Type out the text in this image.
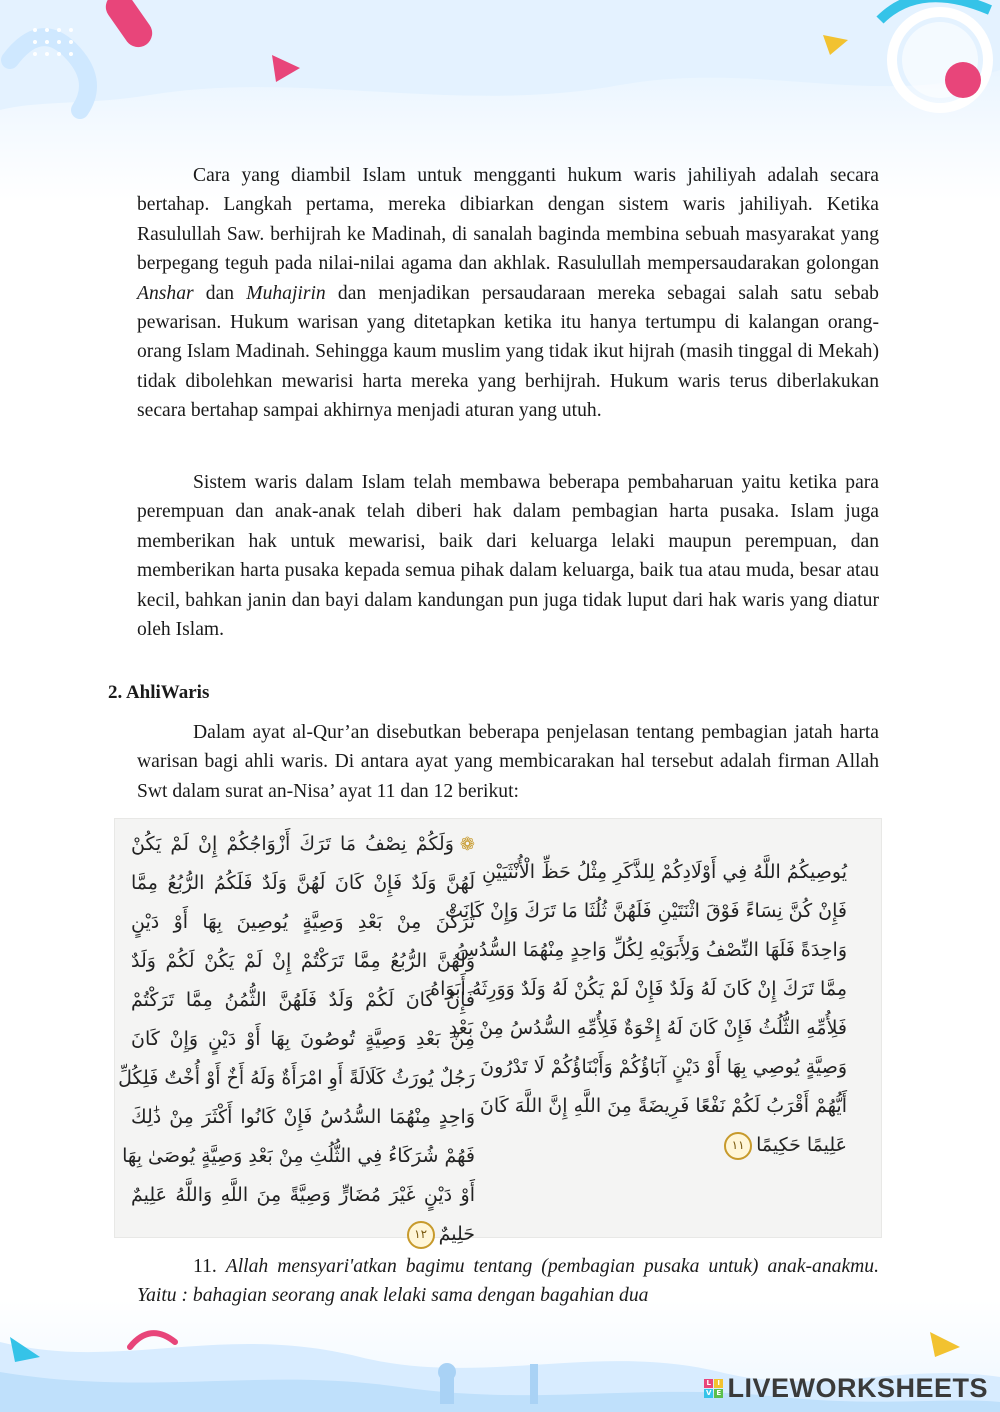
Cara yang diambil Islam untuk mengganti hukum waris jahiliyah adalah secara bertahap. Langkah pertama, mereka dibiarkan dengan sistem waris jahiliyah. Ketika Rasulullah Saw. berhijrah ke Madinah, di sanalah baginda membina sebuah masyarakat yang berpegang teguh pada nilai-nilai agama dan akhlak. Rasulullah mempersaudarakan golongan Anshar dan Muhajirin dan menjadikan persaudaraan mereka sebagai salah satu sebab pewarisan. Hukum warisan yang ditetapkan ketika itu hanya tertumpu di kalangan orang-orang Islam Madinah. Sehingga kaum muslim yang tidak ikut hijrah (masih tinggal di Mekah) tidak dibolehkan mewarisi harta mereka yang berhijrah. Hukum waris terus diberlakukan secara bertahap sampai akhirnya menjadi aturan yang utuh.

Sistem waris dalam Islam telah membawa beberapa pembaharuan yaitu ketika para perempuan dan anak-anak telah diberi hak dalam pembagian harta pusaka. Islam juga memberikan hak untuk mewarisi, baik dari keluarga lelaki maupun perempuan, dan memberikan harta pusaka kepada semua pihak dalam keluarga, baik tua atau muda, besar atau kecil, bahkan janin dan bayi dalam kandungan pun juga tidak luput dari hak waris yang diatur oleh Islam.

2. AhliWaris

Dalam ayat al-Qur’an disebutkan beberapa penjelasan tentang pembagian jatah harta warisan bagi ahli waris. Di antara ayat yang membicarakan hal tersebut adalah firman Allah Swt dalam surat an-Nisa’ ayat 11 dan 12 berikut:

يُوصِيكُمُ اللَّهُ فِي أَوْلَادِكُمْ لِلذَّكَرِ مِثْلُ حَظِّ الْأُنْثَيَيْنِ
فَإِنْ كُنَّ نِسَاءً فَوْقَ اثْنَتَيْنِ فَلَهُنَّ ثُلُثَا مَا تَرَكَ وَإِنْ كَانَتْ
وَاحِدَةً فَلَهَا النِّصْفُ وَلِأَبَوَيْهِ لِكُلِّ وَاحِدٍ مِنْهُمَا السُّدُسُ
مِمَّا تَرَكَ إِنْ كَانَ لَهُ وَلَدٌ فَإِنْ لَمْ يَكُنْ لَهُ وَلَدٌ وَوَرِثَهُ أَبَوَاهُ
فَلِأُمِّهِ الثُّلُثُ فَإِنْ كَانَ لَهُ إِخْوَةٌ فَلِأُمِّهِ السُّدُسُ مِنْ بَعْدِ
وَصِيَّةٍ يُوصِي بِهَا أَوْ دَيْنٍ آبَاؤُكُمْ وَأَبْنَاؤُكُمْ لَا تَدْرُونَ
أَيُّهُمْ أَقْرَبُ لَكُمْ نَفْعًا فَرِيضَةً مِنَ اللَّهِ إِنَّ اللَّهَ كَانَ
عَلِيمًا حَكِيمًا١١
❁وَلَكُمْ نِصْفُ مَا تَرَكَ أَزْوَاجُكُمْ إِنْ لَمْ يَكُنْ
لَهُنَّ وَلَدٌ فَإِنْ كَانَ لَهُنَّ وَلَدٌ فَلَكُمُ الرُّبُعُ مِمَّا
تَرَكْنَ مِنْ بَعْدِ وَصِيَّةٍ يُوصِينَ بِهَا أَوْ دَيْنٍ
وَلَهُنَّ الرُّبُعُ مِمَّا تَرَكْتُمْ إِنْ لَمْ يَكُنْ لَكُمْ وَلَدٌ
فَإِنْ كَانَ لَكُمْ وَلَدٌ فَلَهُنَّ الثُّمُنُ مِمَّا تَرَكْتُمْ
مِنْ بَعْدِ وَصِيَّةٍ تُوصُونَ بِهَا أَوْ دَيْنٍ وَإِنْ كَانَ
رَجُلٌ يُورَثُ كَلَالَةً أَوِ امْرَأَةٌ وَلَهُ أَخٌ أَوْ أُخْتٌ فَلِكُلِّ
وَاحِدٍ مِنْهُمَا السُّدُسُ فَإِنْ كَانُوا أَكْثَرَ مِنْ ذَٰلِكَ
فَهُمْ شُرَكَاءُ فِي الثُّلُثِ مِنْ بَعْدِ وَصِيَّةٍ يُوصَىٰ بِهَا
أَوْ دَيْنٍ غَيْرَ مُضَارٍّ وَصِيَّةً مِنَ اللَّهِ وَاللَّهُ عَلِيمٌ
حَلِيمٌ١٢

11. Allah mensyari'atkan bagimu tentang (pembagian pusaka untuk) anak-anakmu. Yaitu : bahagian seorang anak lelaki sama dengan bagahian dua

L I
V E LIVEWORKSHEETS
